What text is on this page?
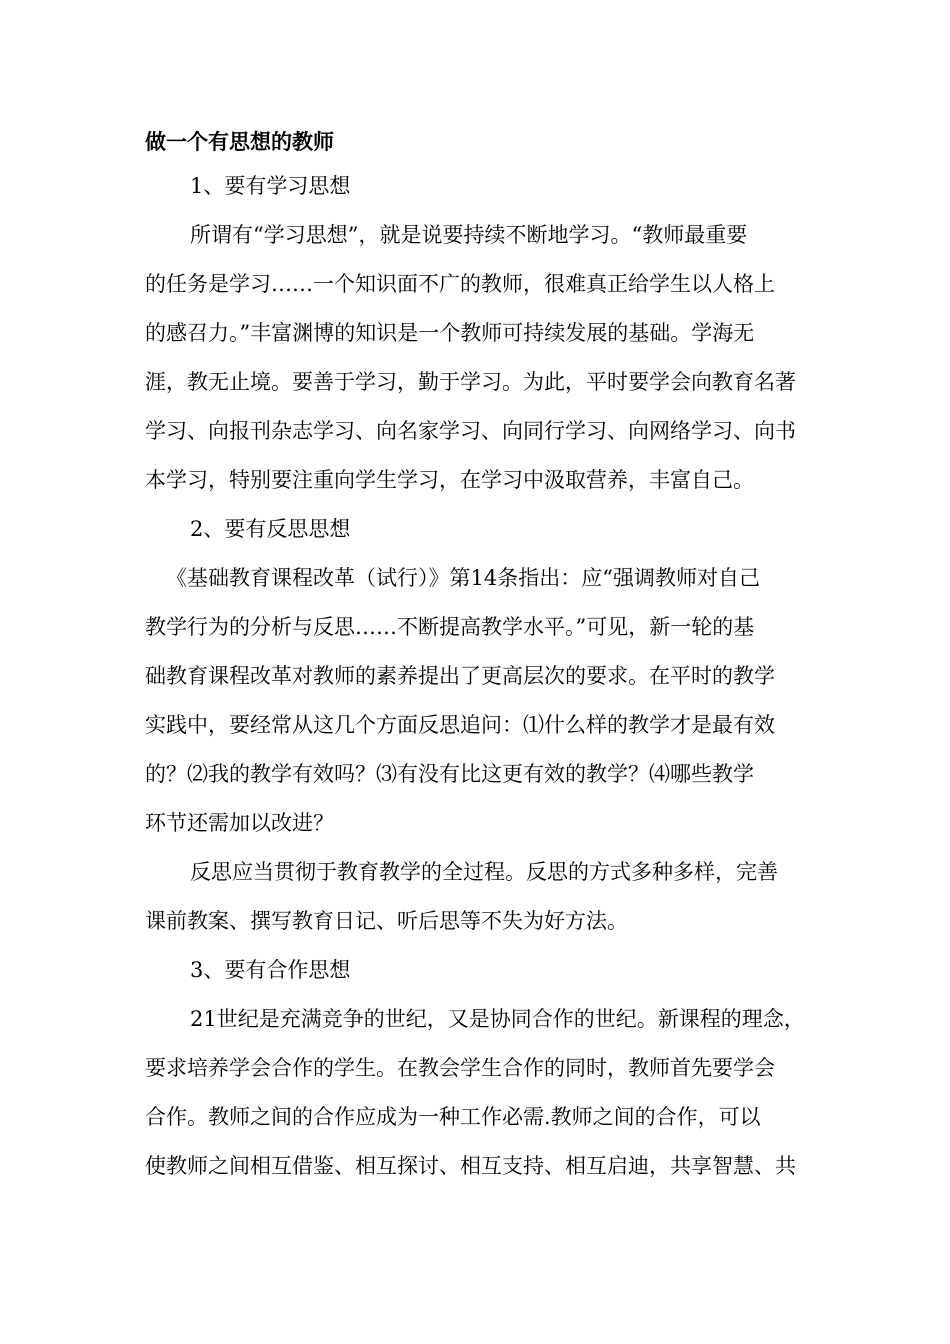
做一个有思想的教师
1、要有学习思想
所谓有“学习思想”，就是说要持续不断地学习。“教师最重要
的任务是学习……一个知识面不广的教师，很难真正给学生以人格上
的感召力。”丰富渊博的知识是一个教师可持续发展的基础。学海无
涯，教无止境。要善于学习，勤于学习。为此，平时要学会向教育名著
学习、向报刊杂志学习、向名家学习、向同行学习、向网络学习、向书
本学习，特别要注重向学生学习，在学习中汲取营养，丰富自己。
2、要有反思思想
《基础教育课程改革（试行）》第14条指出：应“强调教师对自己
教学行为的分析与反思……不断提高教学水平。”可见，新一轮的基
础教育课程改革对教师的素养提出了更高层次的要求。在平时的教学
实践中，要经常从这几个方面反思追问：⑴什么样的教学才是最有效
的？⑵我的教学有效吗？⑶有没有比这更有效的教学？⑷哪些教学
环节还需加以改进？
反思应当贯彻于教育教学的全过程。反思的方式多种多样，完善
课前教案、撰写教育日记、听后思等不失为好方法。
3、要有合作思想
21世纪是充满竞争的世纪，又是协同合作的世纪。新课程的理念，
要求培养学会合作的学生。在教会学生合作的同时，教师首先要学会
合作。教师之间的合作应成为一种工作必需.教师之间的合作，可以
使教师之间相互借鉴、相互探讨、相互支持、相互启迪，共享智慧、共
